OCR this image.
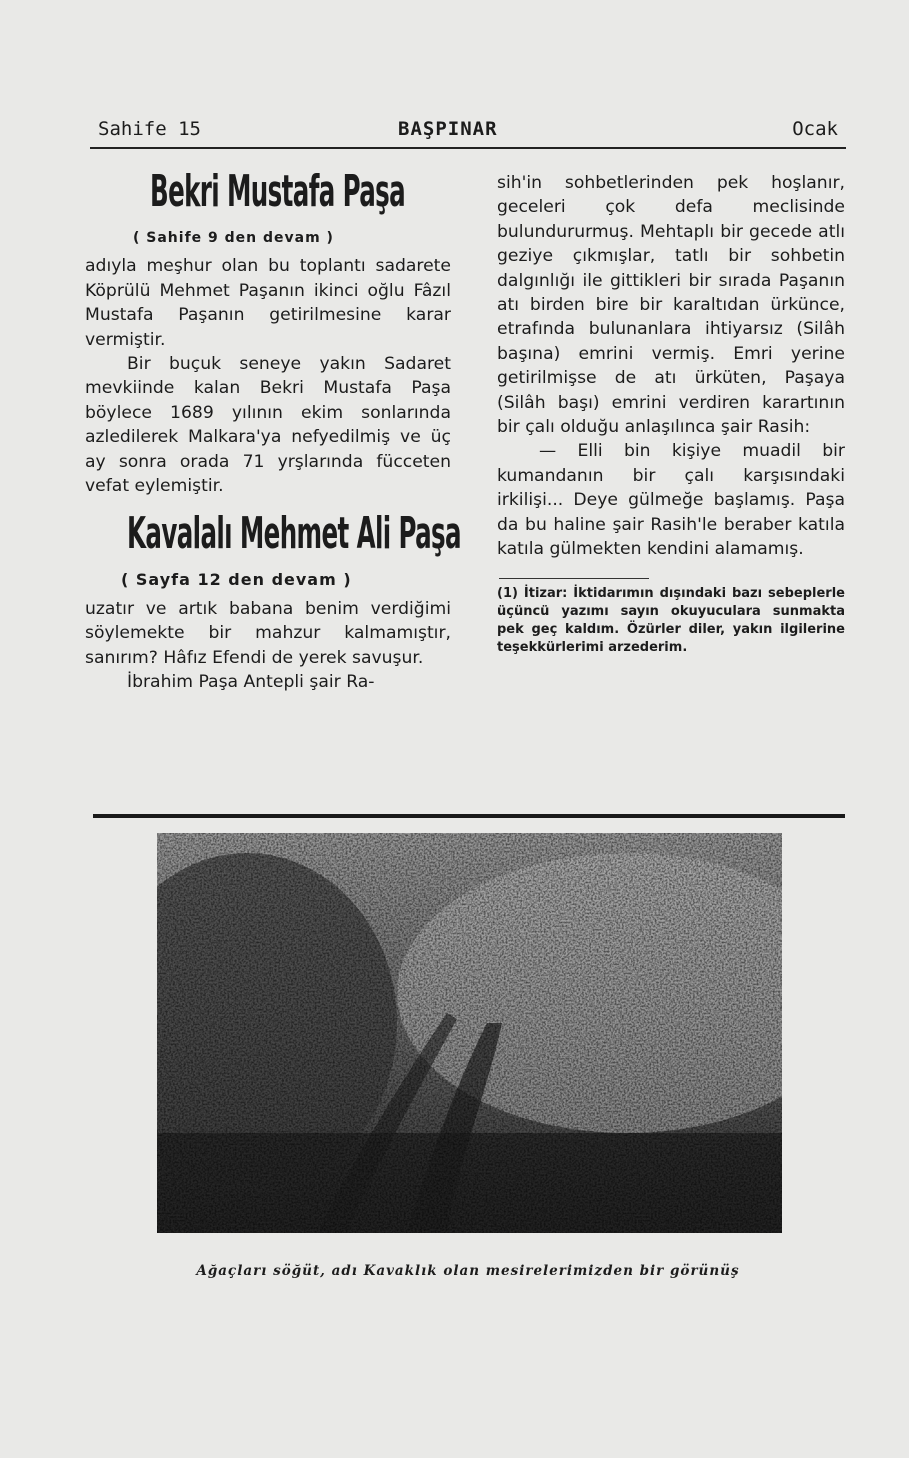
Sahife 15	BAŞPINAR	Ocak
Bekri Mustafa Paşa
( Sahife 9 den devam )

adıyla meşhur olan bu toplantı sadarete Köprülü Mehmet Paşanın ikinci oğlu Fâzıl Mustafa Paşanın getirilmesine karar vermiştir.

Bir buçuk seneye yakın Sadaret mevkiinde kalan Bekri Mustafa Paşa böylece 1689 yılının ekim sonlarında azledilerek Malkara'ya nefyedilmiş ve üç ay sonra orada 71 yrşlarında fücceten vefat eylemiştir.

Kavalalı Mehmet Ali Paşa
( Sayfa 12 den devam )

uzatır ve artık babana benim verdiğimi söylemekte bir mahzur kalmamıştır, sanırım? Hâfız Efendi de yerek savuşur.

İbrahim Paşa Antepli şair Ra-

sih'in sohbetlerinden pek hoşlanır, geceleri çok defa meclisinde bulundururmuş. Mehtaplı bir gecede atlı geziye çıkmışlar, tatlı bir sohbetin dalgınlığı ile gittikleri bir sırada Paşanın atı birden bire bir karaltıdan ürkünce, etrafında bulunanlara ihtiyarsız (Silâh başına) emrini vermiş. Emri yerine getirilmişse de atı ürküten, Paşaya (Silâh başı) emrini verdiren karartının bir çalı olduğu anlaşılınca şair Rasih:

— Elli bin kişiye muadil bir kumandanın bir çalı karşısındaki irkilişi... Deye gülmeğe başlamış. Paşa da bu haline şair Rasih'le beraber katıla katıla gülmekten kendini alamamış.

(1) İtizar: İktidarımın dışındaki bazı sebeplerle üçüncü yazımı sayın okuyuculara sunmakta pek geç kaldım. Özürler diler, yakın ilgilerine teşekkürlerimi arzederim.

Ağaçları söğüt, adı Kavaklık olan mesirelerimizden bir görünüş
